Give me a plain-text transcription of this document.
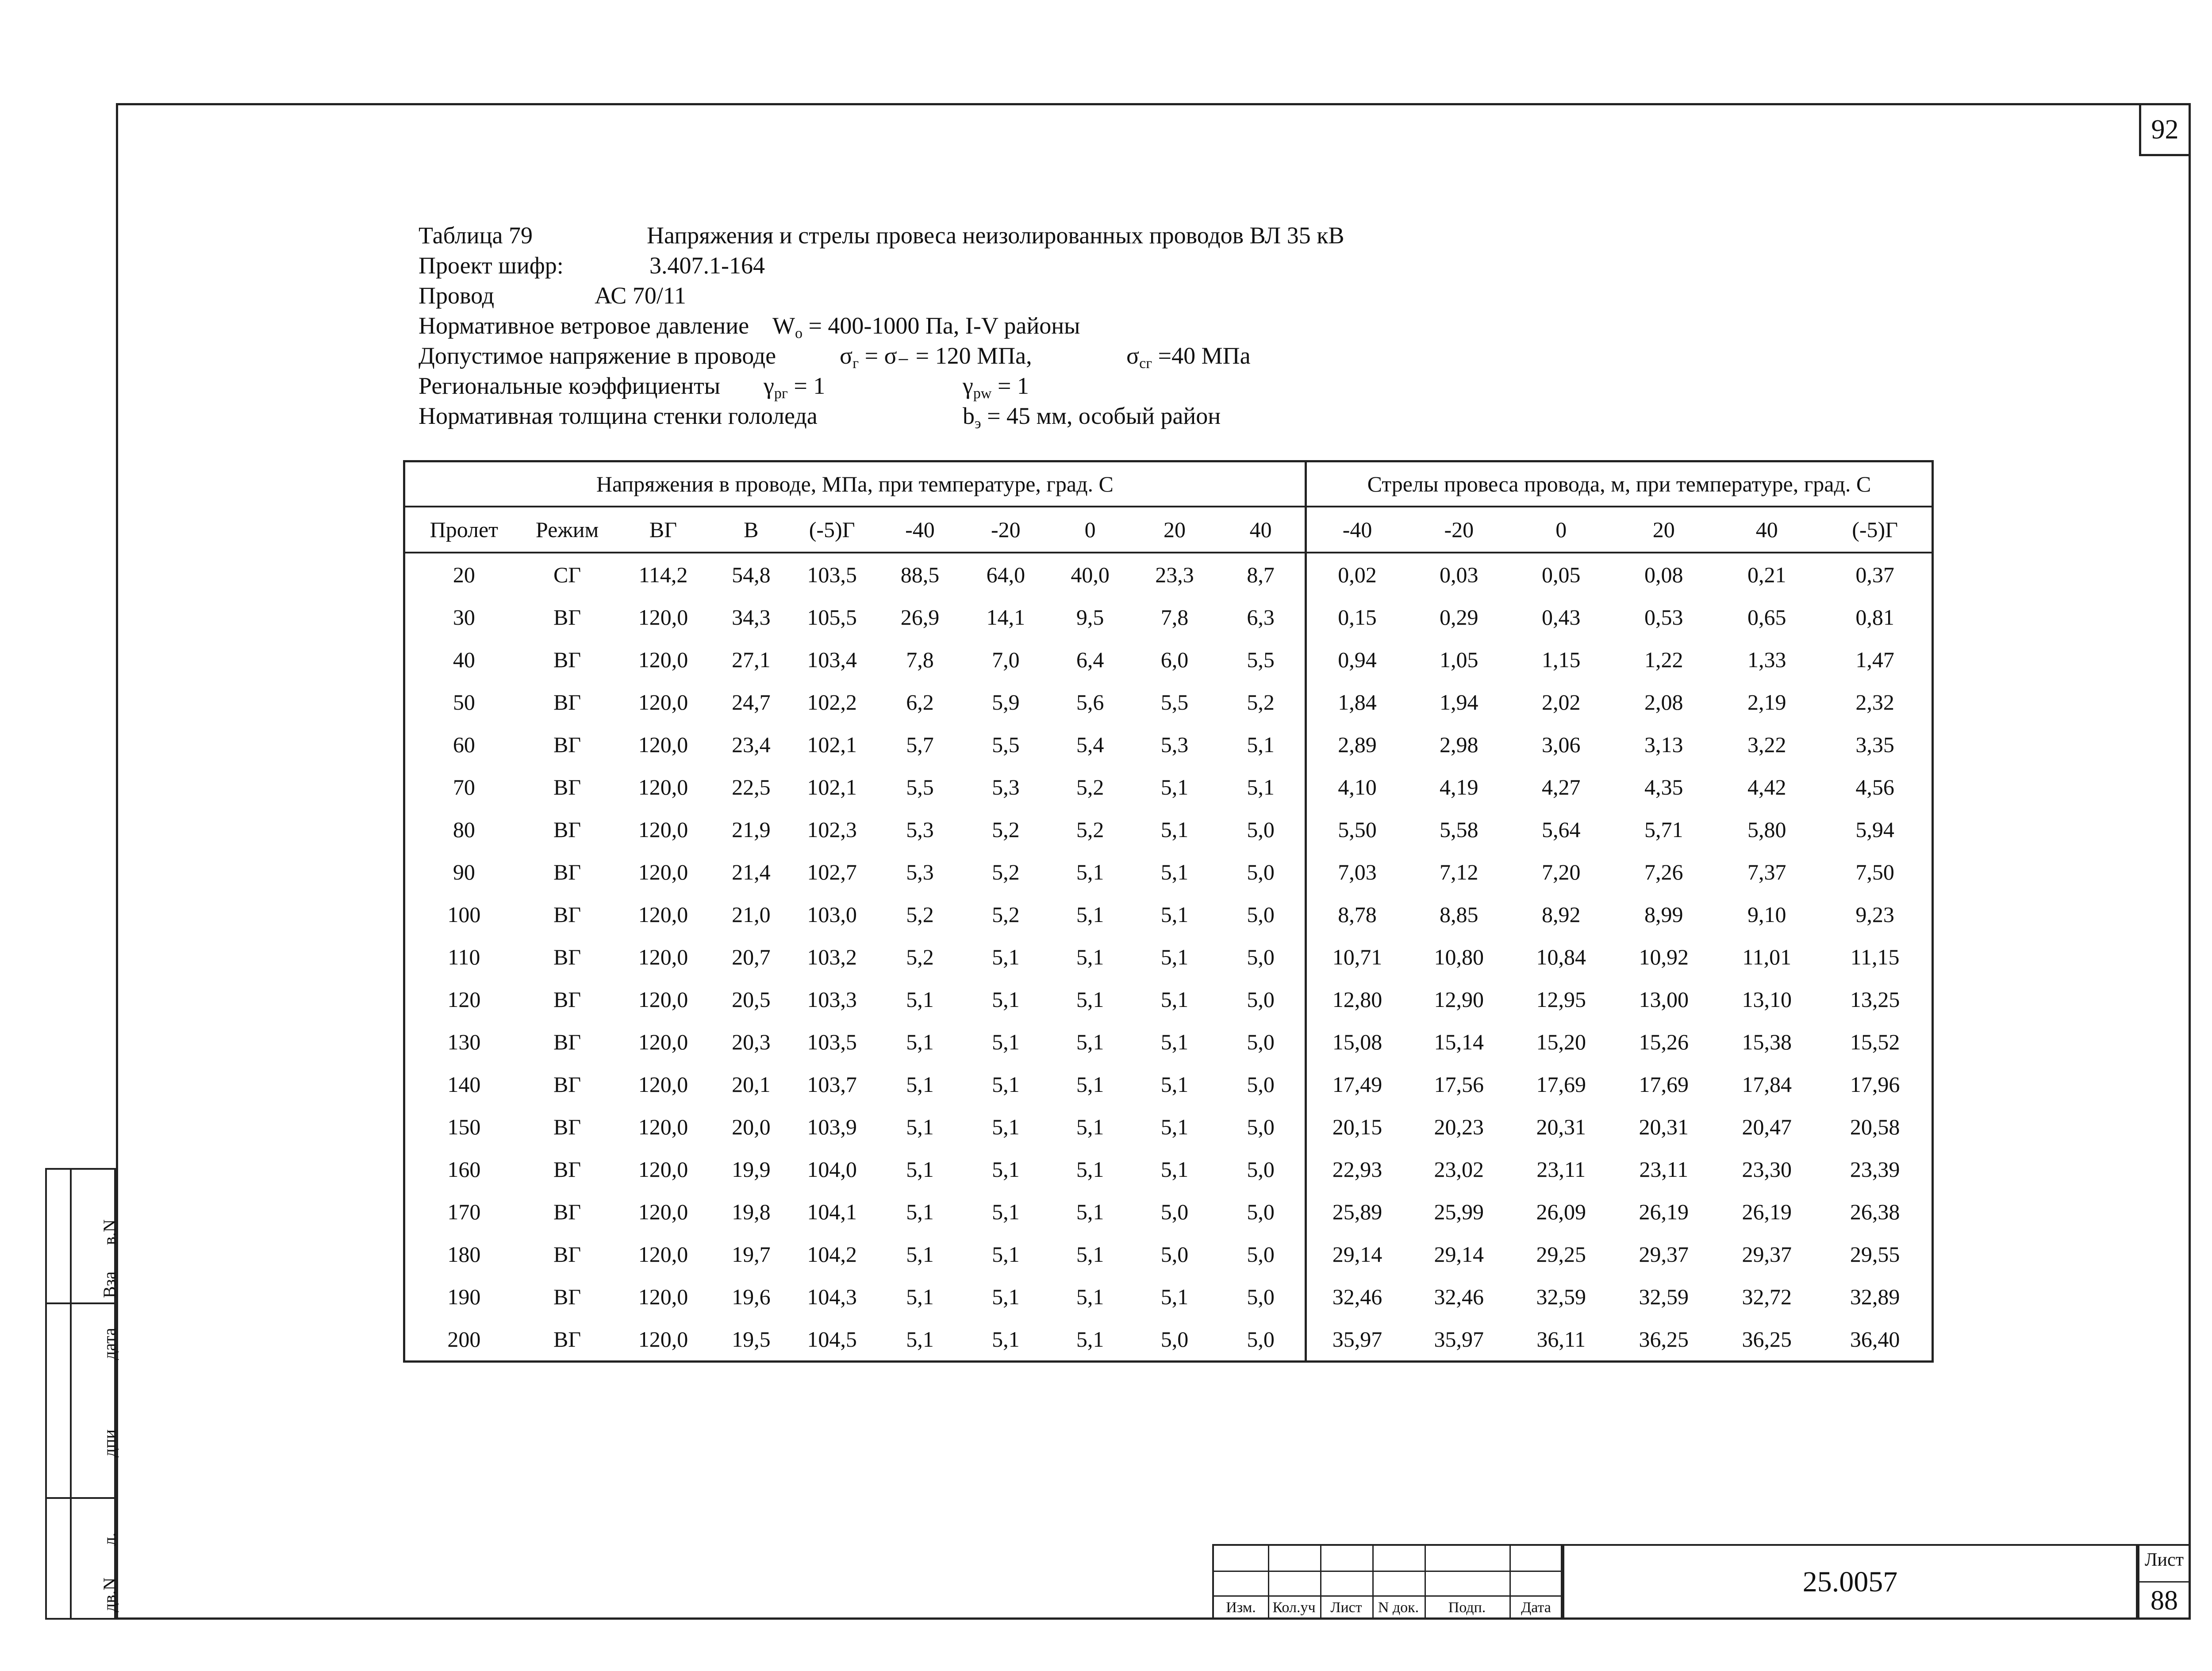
92
Таблица 79	Напряжения и стрелы провеса неизолированных проводов ВЛ 35 кВ
Проект шифр:	3.407.1-164
Провод	АС 70/11
Нормативное ветровое давление $W_о = 400-1000$ Па, I-V районы
Допустимое напряжение в проводе	$\sigma_г = \sigma_- = 120$ МПа,	$\sigma_{сг} =40$ МПа
Региональные коэффициенты $\gamma_{рг} = 1$	$\gamma_{рw} = 1$
Нормативная толщина стенки гололеда	$b_э = 45$ мм, особый район
Напряжения в проводе, МПа, при температуре, град. С										Стрелы провеса провода, м, при температуре, град. С					
Пролет	Режим	ВГ	В	(-5)Г	-40	-20	0	20	40	-40	-20	0	20	40	(-5)Г
20	СГ	114,2	54,8	103,5	88,5	64,0	40,0	23,3	8,7	0,02	0,03	0,05	0,08	0,21	0,37
30	ВГ	120,0	34,3	105,5	26,9	14,1	9,5	7,8	6,3	0,15	0,29	0,43	0,53	0,65	0,81
40	ВГ	120,0	27,1	103,4	7,8	7,0	6,4	6,0	5,5	0,94	1,05	1,15	1,22	1,33	1,47
50	ВГ	120,0	24,7	102,2	6,2	5,9	5,6	5,5	5,2	1,84	1,94	2,02	2,08	2,19	2,32
60	ВГ	120,0	23,4	102,1	5,7	5,5	5,4	5,3	5,1	2,89	2,98	3,06	3,13	3,22	3,35
70	ВГ	120,0	22,5	102,1	5,5	5,3	5,2	5,1	5,1	4,10	4,19	4,27	4,35	4,42	4,56
80	ВГ	120,0	21,9	102,3	5,3	5,2	5,2	5,1	5,0	5,50	5,58	5,64	5,71	5,80	5,94
90	ВГ	120,0	21,4	102,7	5,3	5,2	5,1	5,1	5,0	7,03	7,12	7,20	7,26	7,37	7,50
100	ВГ	120,0	21,0	103,0	5,2	5,2	5,1	5,1	5,0	8,78	8,85	8,92	8,99	9,10	9,23
110	ВГ	120,0	20,7	103,2	5,2	5,1	5,1	5,1	5,0	10,71	10,80	10,84	10,92	11,01	11,15
120	ВГ	120,0	20,5	103,3	5,1	5,1	5,1	5,1	5,0	12,80	12,90	12,95	13,00	13,10	13,25
130	ВГ	120,0	20,3	103,5	5,1	5,1	5,1	5,1	5,0	15,08	15,14	15,20	15,26	15,38	15,52
140	ВГ	120,0	20,1	103,7	5,1	5,1	5,1	5,1	5,0	17,49	17,56	17,69	17,69	17,84	17,96
150	ВГ	120,0	20,0	103,9	5,1	5,1	5,1	5,1	5,0	20,15	20,23	20,31	20,31	20,47	20,58
160	ВГ	120,0	19,9	104,0	5,1	5,1	5,1	5,1	5,0	22,93	23,02	23,11	23,11	23,30	23,39
170	ВГ	120,0	19,8	104,1	5,1	5,1	5,1	5,0	5,0	25,89	25,99	26,09	26,19	26,19	26,38
180	ВГ	120,0	19,7	104,2	5,1	5,1	5,1	5,0	5,0	29,14	29,14	29,25	29,37	29,37	29,55
190	ВГ	120,0	19,6	104,3	5,1	5,1	5,1	5,1	5,0	32,46	32,46	32,59	32,59	32,72	32,89
200	ВГ	120,0	19,5	104,5	5,1	5,1	5,1	5,0	5,0	35,97	35,97	36,11	36,25	36,25	36,40
в.N
Вза
дата
дпи
л.
дв.N	Изм.	Кол.уч Лист	N док.	Подп.	Дата
25.0057
Лист
88
